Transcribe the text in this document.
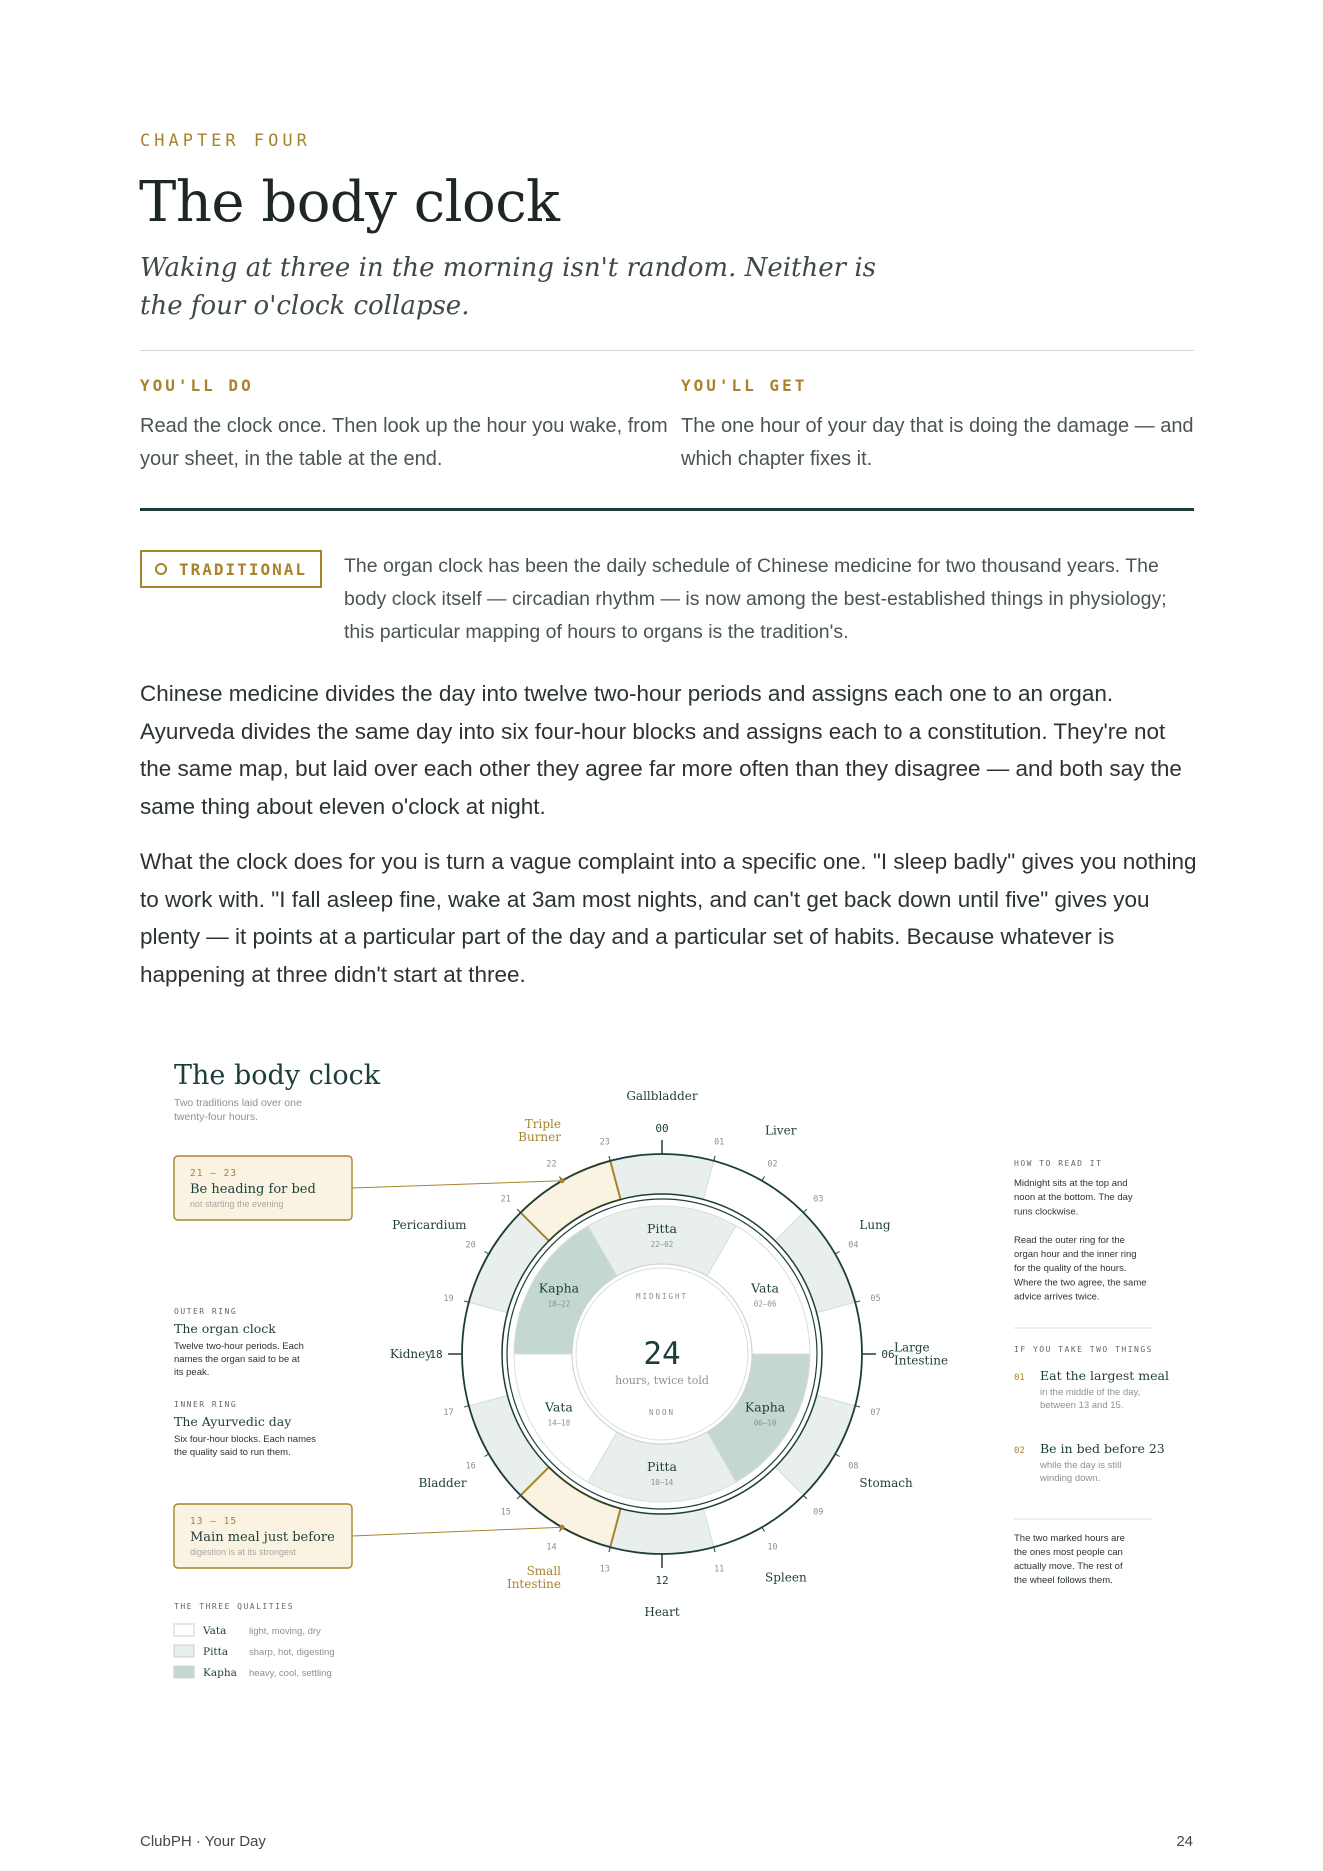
CHAPTER FOUR
The body clock

Waking at three in the morning isn't random. Neither is the four o'clock collapse.

YOU'LL DO
Read the clock once. Then look up the hour you wake, from your sheet, in the table at the end.
YOU'LL GET
The one hour of your day that is doing the damage — and which chapter fixes it.
TRADITIONAL The organ clock has been the daily schedule of Chinese medicine for two thousand years. The body clock itself — circadian rhythm — is now among the best-established things in physiology; this particular mapping of hours to organs is the tradition's.

Chinese medicine divides the day into twelve two-hour periods and assigns each one to an organ. Ayurveda divides the same day into six four-hour blocks and assigns each to a constitution. They're not the same map, but laid over each other they agree far more often than they disagree — and both say the same thing about eleven o'clock at night.

What the clock does for you is turn a vague complaint into a specific one. "I sleep badly" gives you nothing to work with. "I fall asleep fine, wake at 3am most nights, and can't get back down until five" gives you plenty — it points at a particular part of the day and a particular set of habits. Because whatever is happening at three didn't start at three.

The body clock
Two traditions laid over one
twenty-four hours.
Pitta
22–02
Vata
02–06
Kapha
06–10
Pitta
10–14
Vata
14–18
Kapha
18–22
MIDNIGHT
NOON
24
hours, twice told
00
01
02
03
04
05
06
07
08
09
10
11
12
13
14
15
16
17
18
19
20
21
22
23
Gallbladder
Liver
Lung
Large
Intestine
Stomach
Spleen
Heart
Small
Intestine
Bladder
Kidney
Pericardium
Triple
Burner
21 — 23
Be heading for bed
not starting the evening
13 — 15
Main meal just before
digestion is at its strongest
OUTER RING
The organ clock
Twelve two-hour periods. Each
names the organ said to be at
its peak.
INNER RING
The Ayurvedic day
Six four-hour blocks. Each names
the quality said to run them.
THE THREE QUALITIES
Vata light, moving, dry
Pitta sharp, hot, digesting
Kapha heavy, cool, settling
HOW TO READ IT
Midnight sits at the top and
noon at the bottom. The day
runs clockwise.
Read the outer ring for the
organ hour and the inner ring
for the quality of the hours.
Where the two agree, the same
advice arrives twice.
IF YOU TAKE TWO THINGS
01 Eat the largest meal
in the middle of the day,
between 13 and 15.
02 Be in bed before 23
while the day is still
winding down.
The two marked hours are
the ones most people can
actually move. The rest of
the wheel follows them.
ClubPH · Your Day	24
